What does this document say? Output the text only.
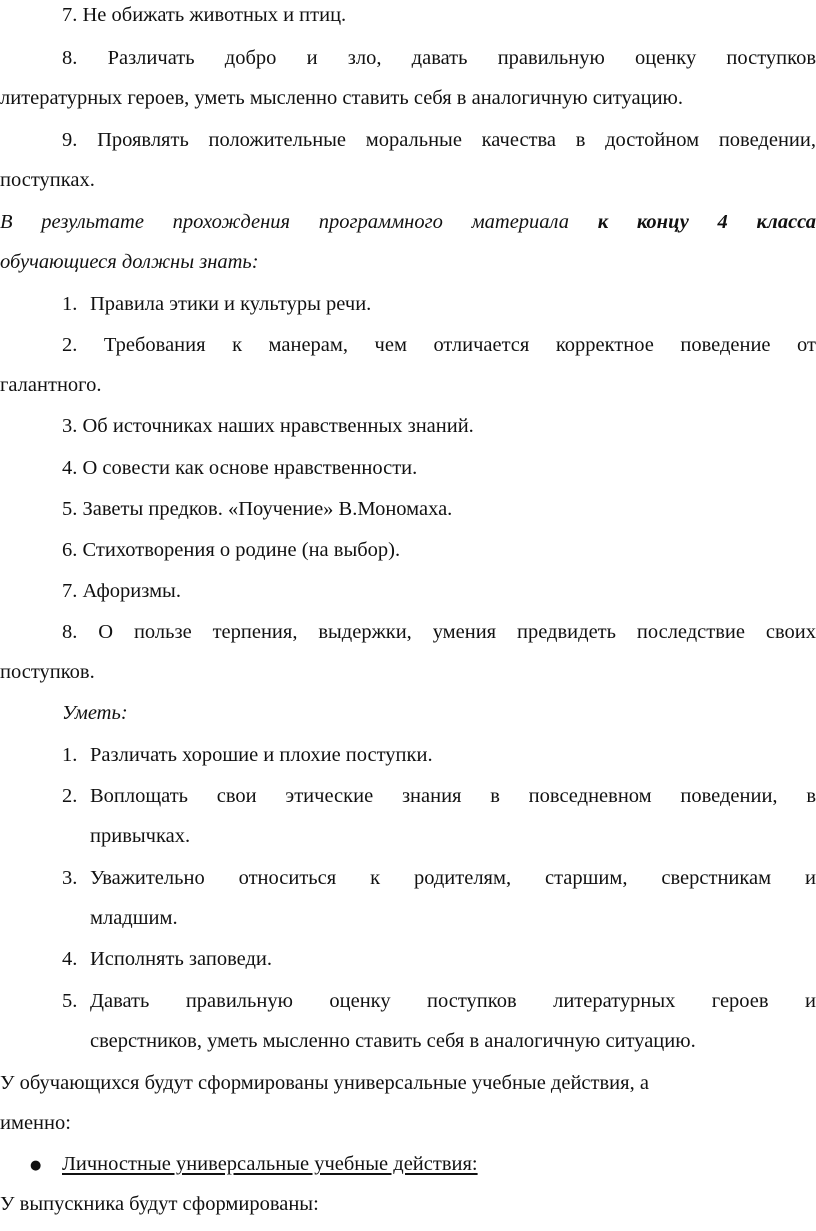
7. Не обижать животных и птиц.
8. Различать добро и зло, давать правильную оценку поступков
литературных героев, уметь мысленно ставить себя в аналогичную ситуацию.
9. Проявлять положительные моральные качества в достойном поведении,
поступках.
В результате прохождения программного материала к концу 4 класса
обучающиеся должны знать:
1. Правила этики и культуры речи.
2. Требования к манерам, чем отличается корректное поведение от
галантного.
3. Об источниках наших нравственных знаний.
4. О совести как основе нравственности.
5. Заветы предков. «Поучение» В.Мономаха.
6. Стихотворения о родине (на выбор).
7. Афоризмы.
8. О пользе терпения, выдержки, умения предвидеть последствие своих
поступков.
Уметь:
1. Различать хорошие и плохие поступки.
2. Воплощать свои этические знания в повседневном поведении, в
привычках.
3. Уважительно относиться к родителям, старшим, сверстникам и
младшим.
4. Исполнять заповеди.
5. Давать правильную оценку поступков литературных героев и
сверстников, уметь мысленно ставить себя в аналогичную ситуацию.
У обучающихся будут сформированы универсальные учебные действия, а
именно:
● Личностные универсальные учебные действия:
У выпускника будут сформированы:
